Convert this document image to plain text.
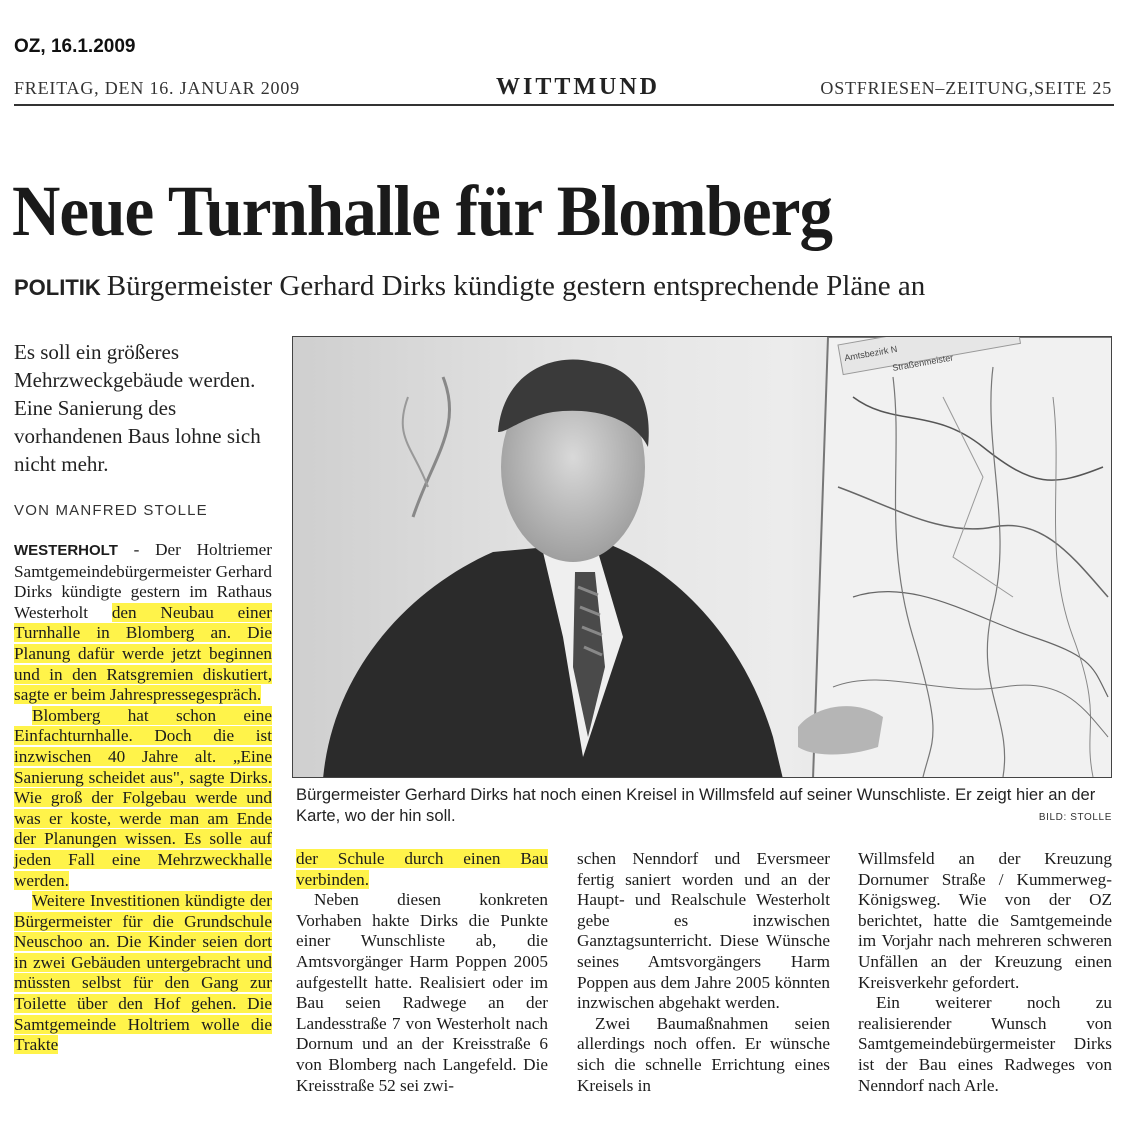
OZ, 16.1.2009
FREITAG, DEN 16. JANUAR 2009	WITTMUND	OSTFRIESEN–ZEITUNG,SEITE 25
Neue Turnhalle für Blomberg
POLITIK Bürgermeister Gerhard Dirks kündigte gestern entsprechende Pläne an
Es soll ein größeres Mehrzweckgebäude werden. Eine Sanierung des vorhandenen Baus lohne sich nicht mehr.
VON MANFRED STOLLE

WESTERHOLT - Der Holtriemer Samtgemeindebürgermeister Gerhard Dirks kündigte gestern im Rathaus Westerholt den Neubau einer Turnhalle in Blomberg an. Die Planung dafür werde jetzt beginnen und in den Ratsgremien diskutiert, sagte er beim Jahrespressegespräch.

Blomberg hat schon eine Einfachturnhalle. Doch die ist inzwischen 40 Jahre alt. „Eine Sanierung scheidet aus", sagte Dirks. Wie groß der Folgebau werde und was er koste, werde man am Ende der Planungen wissen. Es solle auf jeden Fall eine Mehrzweckhalle werden.

Weitere Investitionen kündigte der Bürgermeister für die Grundschule Neuschoo an. Die Kinder seien dort in zwei Gebäuden untergebracht und müssten selbst für den Gang zur Toilette über den Hof gehen. Die Samtgemeinde Holtriem wolle die Trakte

Amtsbezirk N
Straßenmeister
Bürgermeister Gerhard Dirks hat noch einen Kreisel in Willmsfeld auf seiner Wunschliste. Er zeigt hier an der Karte, wo der hin soll.	BILD: STOLLE

der Schule durch einen Bau verbinden.

Neben diesen konkreten Vorhaben hakte Dirks die Punkte einer Wunschliste ab, die Amtsvorgänger Harm Poppen 2005 aufgestellt hatte. Realisiert oder im Bau seien Radwege an der Landesstraße 7 von Westerholt nach Dornum und an der Kreisstraße 6 von Blomberg nach Langefeld. Die Kreisstraße 52 sei zwi-

schen Nenndorf und Eversmeer fertig saniert worden und an der Haupt- und Realschule Westerholt gebe es inzwischen Ganztagsunterricht. Diese Wünsche seines Amtsvorgängers Harm Poppen aus dem Jahre 2005 könnten inzwischen abgehakt werden.

Zwei Baumaßnahmen seien allerdings noch offen. Er wünsche sich die schnelle Errichtung eines Kreisels in

Willmsfeld an der Kreuzung Dornumer Straße / Kummerweg-Königsweg. Wie von der OZ berichtet, hatte die Samtgemeinde im Vorjahr nach mehreren schweren Unfällen an der Kreuzung einen Kreisverkehr gefordert.

Ein weiterer noch zu realisierender Wunsch von Samtgemeindebürgermeister Dirks ist der Bau eines Radweges von Nenndorf nach Arle.
